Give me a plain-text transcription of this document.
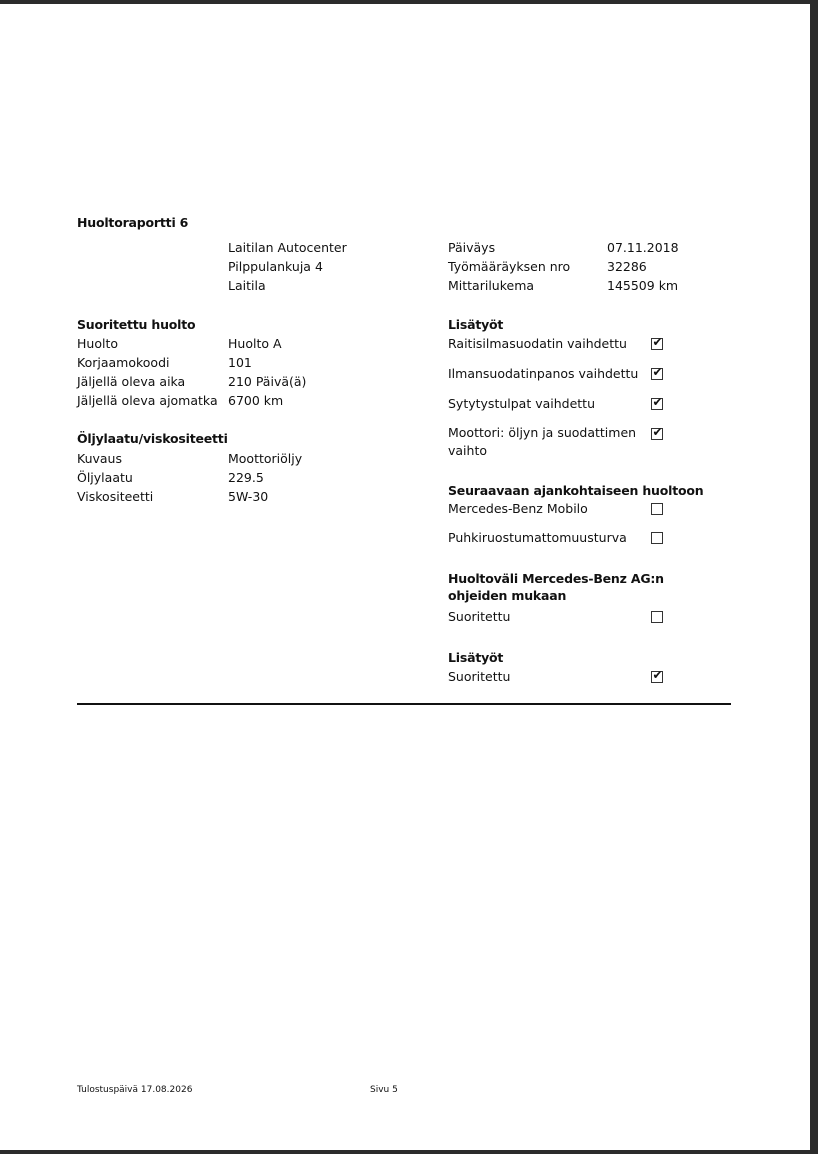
Huoltoraportti 6
Laitilan Autocenter
Pilppulankuja 4
Laitila
Päiväys	07.11.2018
Työmääräyksen nro	32286
Mittarilukema	145509 km
Suoritettu huolto
Huolto	Huolto A
Korjaamokoodi	101
Jäljellä oleva aika	210 Päivä(ä)
Jäljellä oleva ajomatka 6700 km
Öljylaatu/viskositeetti
Kuvaus	Moottoriöljy
Öljylaatu	229.5
Viskositeetti	5W-30
Lisätyöt
Raitisilmasuodatin vaihdettu ✔
Ilmansuodatinpanos vaihdettu ✔
Sytytystulpat vaihdettu	✔
Moottori: öljyn ja suodattimen vaihto
✔
Seuraavaan ajankohtaiseen huoltoon
Mercedes-Benz Mobilo
Puhkiruostumattomuusturva
Huoltoväli Mercedes-Benz AG:n ohjeiden mukaan
Suoritettu
Lisätyöt
Suoritettu	✔
Tulostuspäivä 17.08.2026	Sivu 5
